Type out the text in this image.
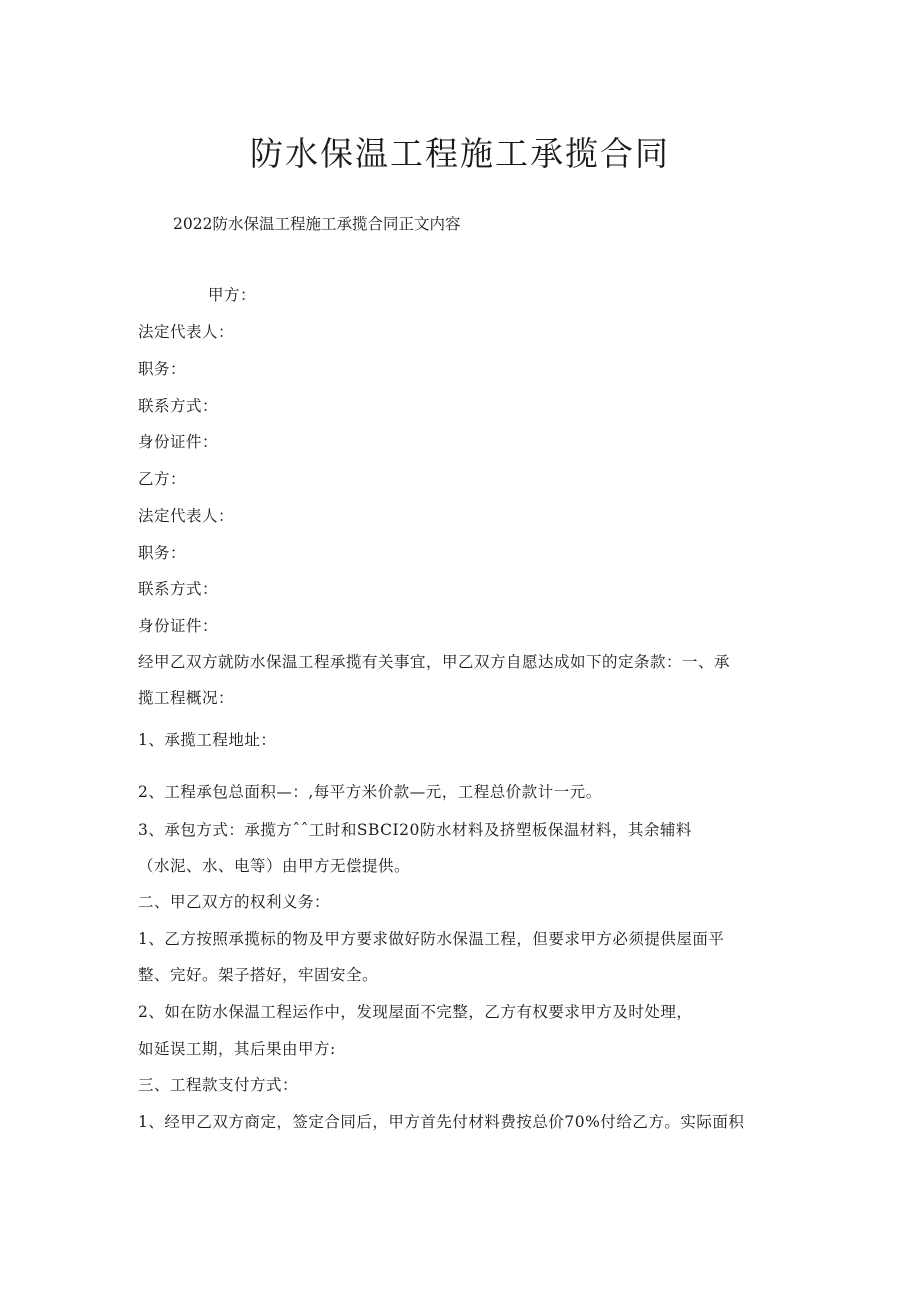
防水保温工程施工承揽合同

2022防水保温工程施工承揽合同正文内容

甲方：

法定代表人：

职务：

联系方式：

身份证件：

乙方：

法定代表人：

职务：

联系方式：

身份证件：

经甲乙双方就防水保温工程承揽有关事宜，甲乙双方自愿达成如下的定条款：一、承

揽工程概况：

1、承揽工程地址：

2、工程承包总面积—：,每平方米价款—元，工程总价款计一元。

3、承包方式：承揽方ˆˆ工时和SBCI20防水材料及挤塑板保温材料，其余辅料

（水泥、水、电等）由甲方无偿提供。

二、甲乙双方的权利义务：

1、乙方按照承揽标的物及甲方要求做好防水保温工程，但要求甲方必须提供屋面平

整、完好。架子搭好，牢固安全。

2、如在防水保温工程运作中，发现屋面不完整，乙方有权要求甲方及时处理，

如延误工期，其后果由甲方:

三、工程款支付方式：

1、经甲乙双方商定，签定合同后，甲方首先付材料费按总价70%付给乙方。实际面积
